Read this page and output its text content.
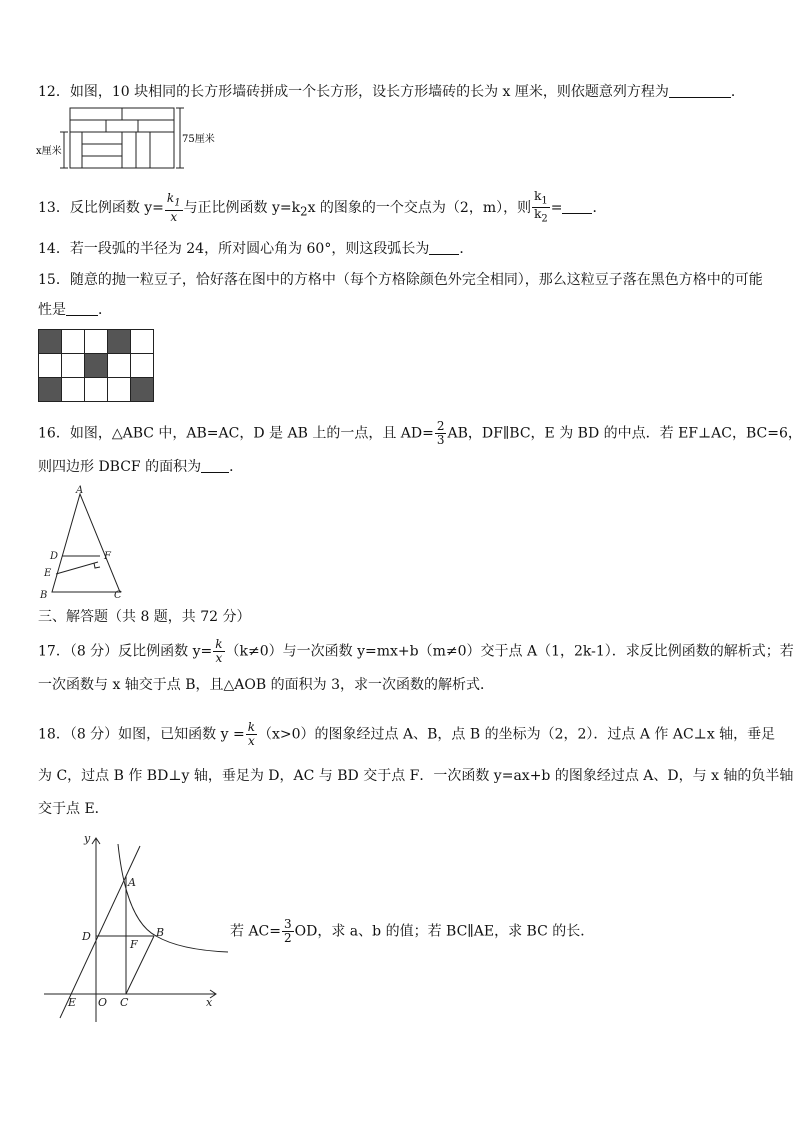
12．如图，10 块相同的长方形墙砖拼成一个长方形，设长方形墙砖的长为 x 厘米，则依题意列方程为	．
x厘米
75厘米
13．反比例函数 $y= \frac{k_1}{x}$ 与正比例函数 $y=k_2x$ 的图象的一个交点为（2，m），则 $\frac{k_1}{k_2}$ = ．
14．若一段弧的半径为 24，所对圆心角为 60°，则这段弧长为 ．
15．随意的抛一粒豆子，恰好落在图中的方格中（每个方格除颜色外完全相同），那么这粒豆子落在黑色方格中的可能
性是 ．

16．如图，△ABC 中，AB=AC，D 是 AB 上的一点，且 $AD= \frac{2}{3}$ AB，DF∥BC，E 为 BD 的中点．若 EF⊥AC，BC=6，
则四边形 DBCF 的面积为 ．
A
D	F
E
B	C
三、解答题（共 8 题，共 72 分）
17．（8 分）反比例函数 $y= \frac{k}{x} (k\ne 0)$与一次函数 y=mx+b（m≠0）交于点 A（1，2k-1）．求反比例函数的解析式；若
一次函数与 x 轴交于点 B，且△AOB 的面积为 3，求一次函数的解析式．
18．（8 分）如图，已知函数 $y = \frac{k}{x} (x>0)$的图象经过点 A、B，点 B 的坐标为（2，2）．过点 A 作 AC⊥x 轴，垂足
为 C，过点 B 作 BD⊥y 轴，垂足为 D，AC 与 BD 交于点 F．一次函数 y=ax+b 的图象经过点 A、D，与 x 轴的负半轴
交于点 E．
y
x
A
B
D
F
E O C
若 $AC= \frac{3}{2}$ OD，求 a、b 的值；若 BC∥AE，求 BC 的长．
